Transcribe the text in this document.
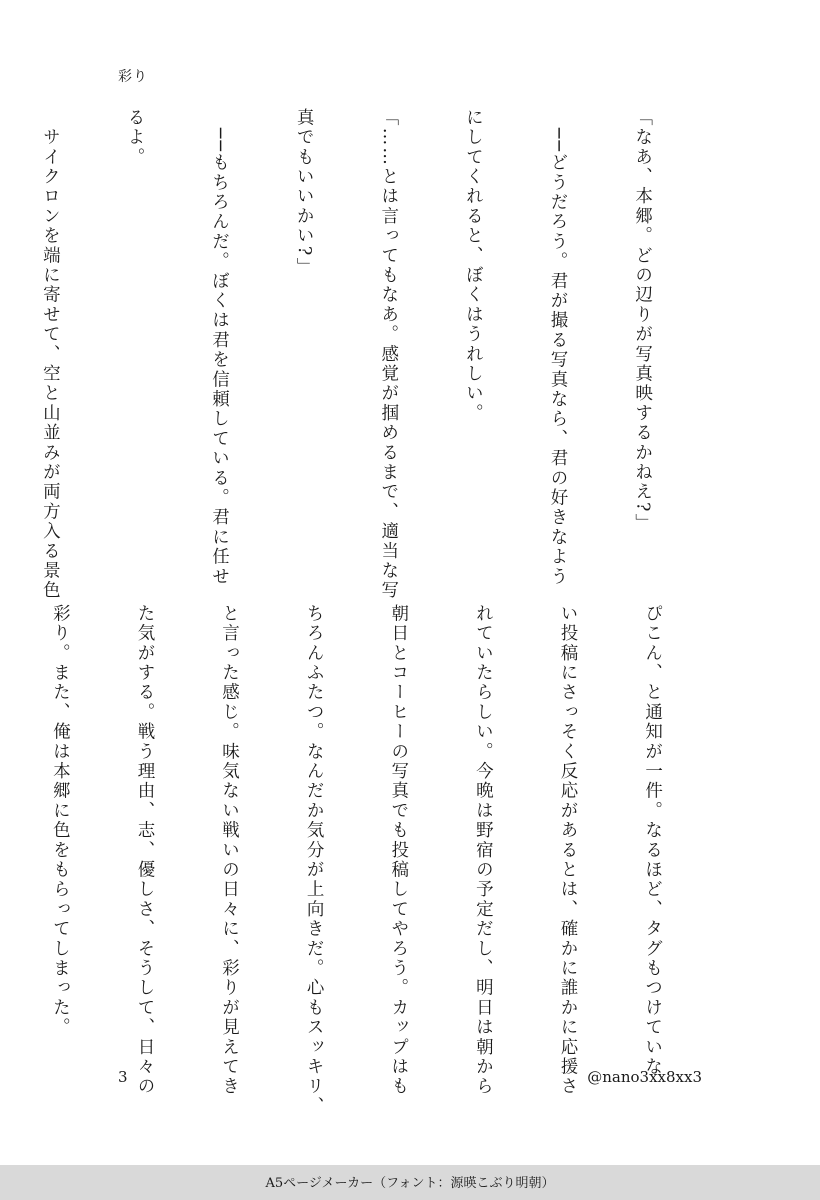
彩り

「なあ、本郷。どの辺りが写真映するかねえ?」

　──どうだろう。君が撮る写真なら、君の好きなよう

にしてくれると、ぼくはうれしい。

「……とは言ってもなあ。感覚が掴めるまで、適当な写

真でもいいかい?」

　──もちろんだ。ぼくは君を信頼している。君に任せ

るよ。

　サイクロンを端に寄せて、空と山並みが両方入る景色

ぴこん、と通知が一件。なるほど、タグもつけていな

い投稿にさっそく反応があるとは、確かに誰かに応援さ

れていたらしい。今晩は野宿の予定だし、明日は朝から

朝日とコーヒーの写真でも投稿してやろう。カップはも

ちろんふたつ。なんだか気分が上向きだ。心もスッキリ、

と言った感じ。味気ない戦いの日々に、彩りが見えてき

た気がする。戦う理由、志、優しさ、そうして、日々の

彩り。また、俺は本郷に色をもらってしまった。

3	@nano3xx8xx3
A5ページメーカー（フォント：源暎こぶり明朝）
